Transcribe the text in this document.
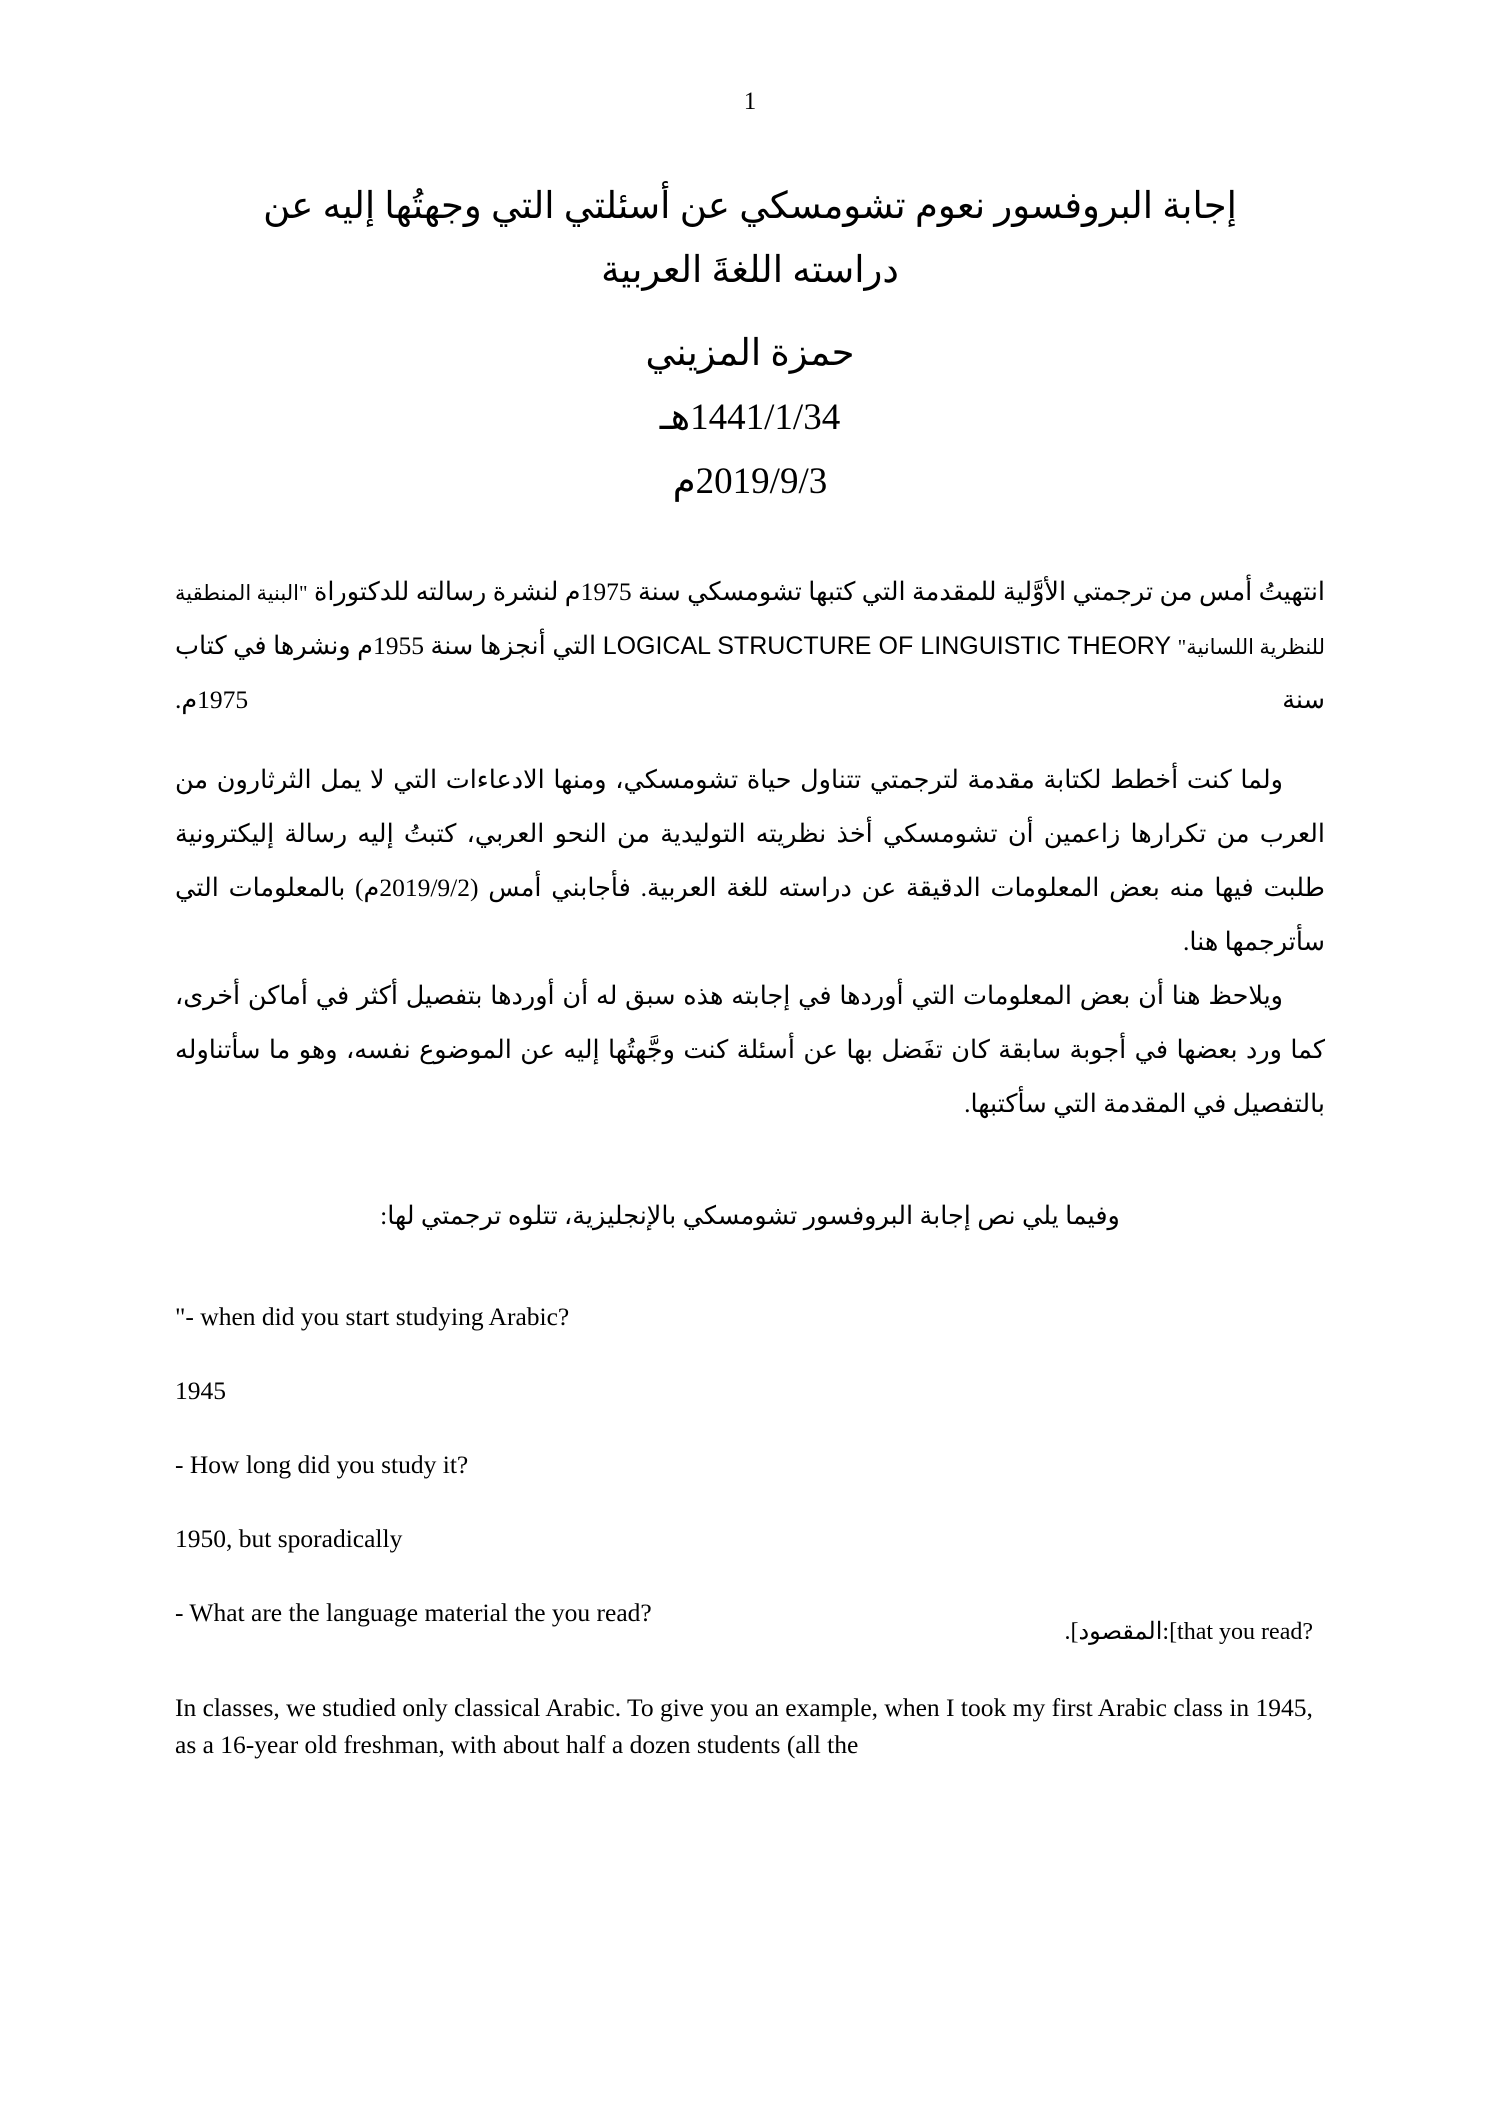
1
إجابة البروفسور نعوم تشومسكي عن أسئلتي التي وجهتُها إليه عن
دراسته اللغةَ العربية
حمزة المزيني
1441/1/34هـ
2019/9/3م

انتهيتُ أمس من ترجمتي الأوَّلية للمقدمة التي كتبها تشومسكي سنة 1975م لنشرة رسالته للدكتوراة "البنية المنطقية للنظرية اللسانية" LOGICAL STRUCTURE OF LINGUISTIC THEORY التي أنجزها سنة 1955م ونشرها في كتاب سنة 1975م.

ولما كنت أخطط لكتابة مقدمة لترجمتي تتناول حياة تشومسكي، ومنها الادعاءات التي لا يمل الثرثارون من العرب من تكرارها زاعمين أن تشومسكي أخذ نظريته التوليدية من النحو العربي، كتبتُ إليه رسالة إليكترونية طلبت فيها منه بعض المعلومات الدقيقة عن دراسته للغة العربية. فأجابني أمس (2019/9/2م) بالمعلومات التي سأترجمها هنا.

ويلاحظ هنا أن بعض المعلومات التي أوردها في إجابته هذه سبق له أن أوردها بتفصيل أكثر في أماكن أخرى، كما ورد بعضها في أجوبة سابقة كان تفَضل بها عن أسئلة كنت وجَّهتُها إليه عن الموضوع نفسه، وهو ما سأتناوله بالتفصيل في المقدمة التي سأكتبها.

وفيما يلي نص إجابة البروفسور تشومسكي بالإنجليزية، تتلوه ترجمتي لها:

"- when did you start studying Arabic?

1945

- How long did you study it?

1950, but sporadically

- What are the language material the you read?

[that you read?:المقصود].

In classes, we studied only classical Arabic. To give you an example, when I took my first Arabic class in 1945, as a 16-year old freshman, with about half a dozen students (all the
